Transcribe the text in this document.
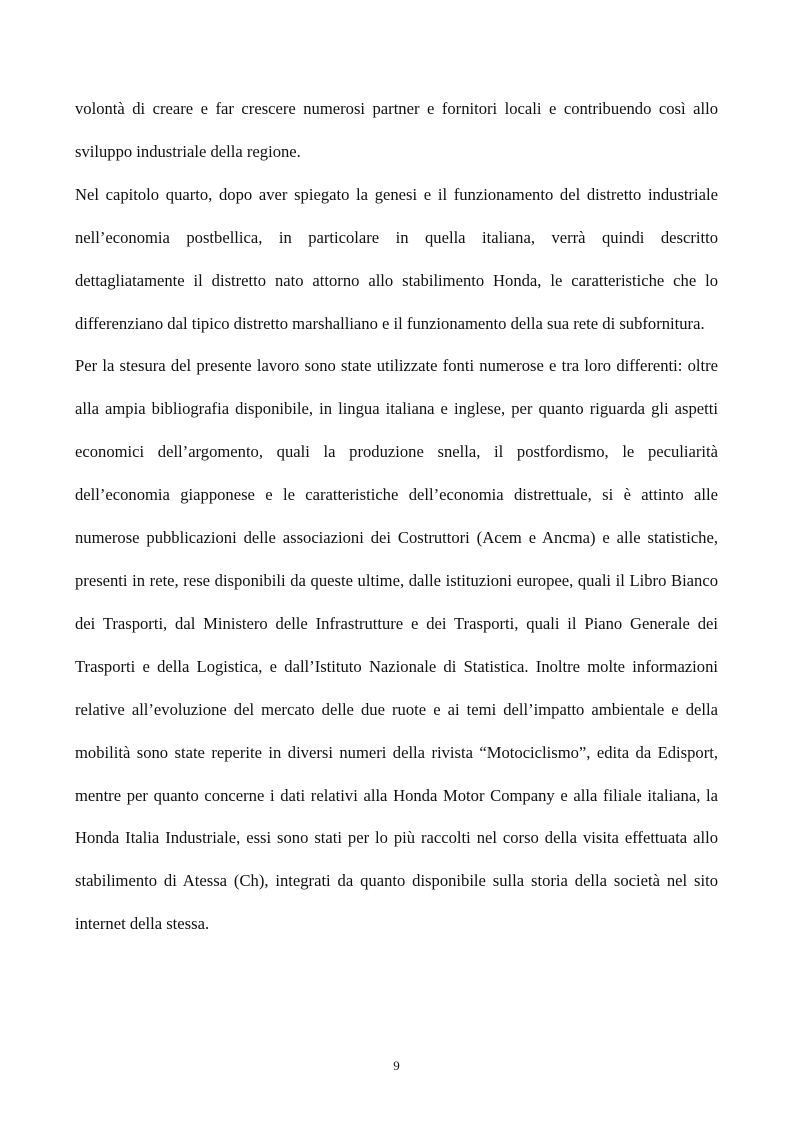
volontà di creare e far crescere numerosi partner e fornitori locali e contribuendo così allo sviluppo industriale della regione.

Nel capitolo quarto, dopo aver spiegato la genesi e il funzionamento del distretto industriale nell’economia postbellica, in particolare in quella italiana, verrà quindi descritto dettagliatamente il distretto nato attorno allo stabilimento Honda, le caratteristiche che lo differenziano dal tipico distretto marshalliano e il funzionamento della sua rete di subfornitura.

Per la stesura del presente lavoro sono state utilizzate fonti numerose e tra loro differenti: oltre alla ampia bibliografia disponibile, in lingua italiana e inglese, per quanto riguarda gli aspetti economici dell’argomento, quali la produzione snella, il postfordismo, le peculiarità dell’economia giapponese e le caratteristiche dell’economia distrettuale, si è attinto alle numerose pubblicazioni delle associazioni dei Costruttori (Acem e Ancma) e alle statistiche, presenti in rete, rese disponibili da queste ultime, dalle istituzioni europee, quali il Libro Bianco dei Trasporti, dal Ministero delle Infrastrutture e dei Trasporti, quali il Piano Generale dei Trasporti e della Logistica, e dall’Istituto Nazionale di Statistica. Inoltre molte informazioni relative all’evoluzione del mercato delle due ruote e ai temi dell’impatto ambientale e della mobilità sono state reperite in diversi numeri della rivista “Motociclismo”, edita da Edisport, mentre per quanto concerne i dati relativi alla Honda Motor Company e alla filiale italiana, la Honda Italia Industriale, essi sono stati per lo più raccolti nel corso della visita effettuata allo stabilimento di Atessa (Ch), integrati da quanto disponibile sulla storia della società nel sito internet della stessa.

9
